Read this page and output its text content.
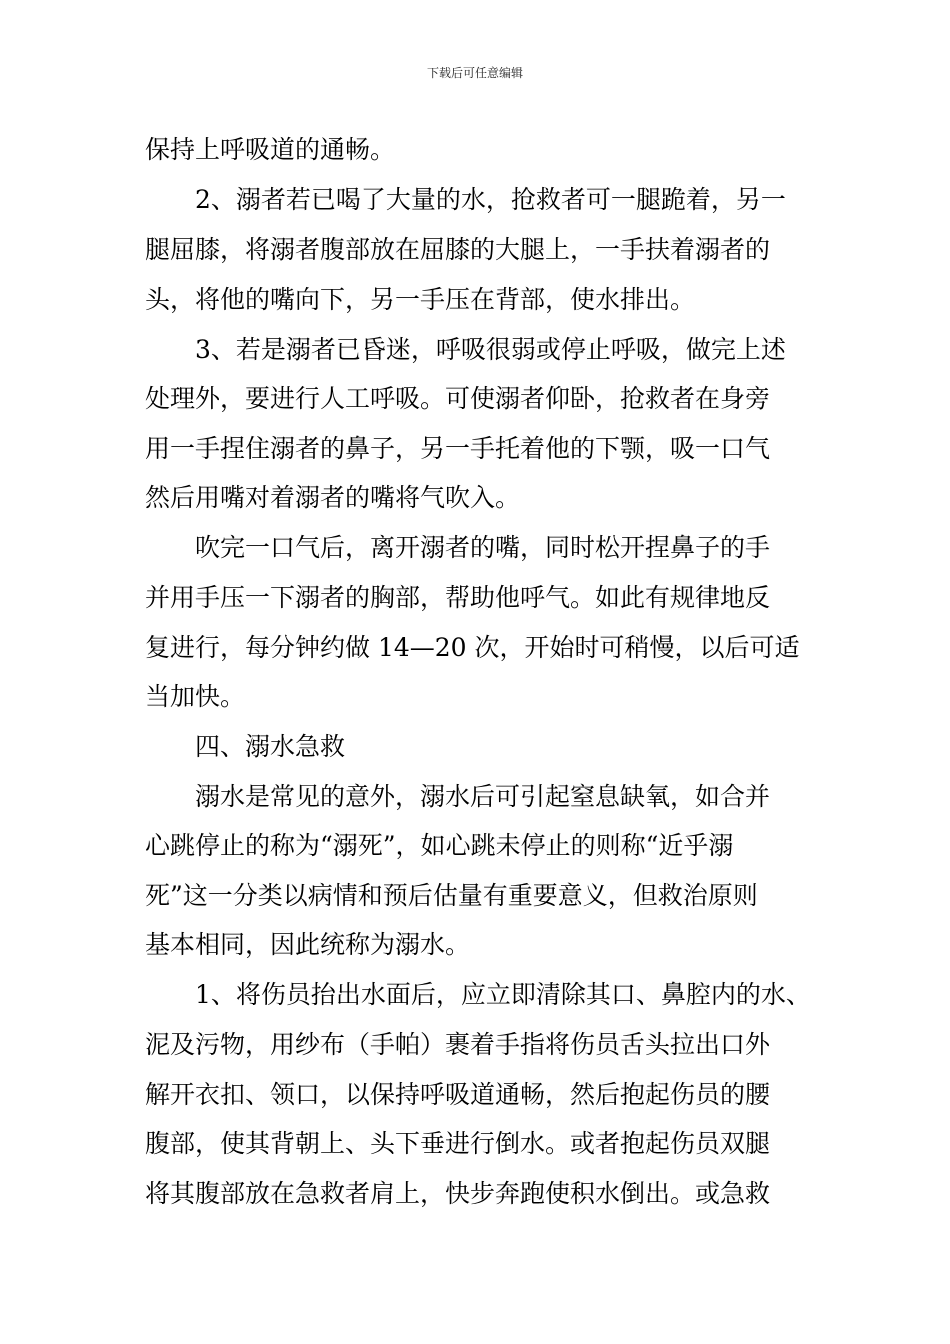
下载后可任意编辑
保持上呼吸道的通畅。
2、溺者若已喝了大量的水，抢救者可一腿跪着，另一
腿屈膝，将溺者腹部放在屈膝的大腿上，一手扶着溺者的
头，将他的嘴向下，另一手压在背部，使水排出。
3、若是溺者已昏迷，呼吸很弱或停止呼吸，做完上述
处理外，要进行人工呼吸。可使溺者仰卧，抢救者在身旁
用一手捏住溺者的鼻子，另一手托着他的下颚，吸一口气
然后用嘴对着溺者的嘴将气吹入。
吹完一口气后，离开溺者的嘴，同时松开捏鼻子的手
并用手压一下溺者的胸部，帮助他呼气。如此有规律地反
复进行，每分钟约做 14—20 次，开始时可稍慢，以后可适
当加快。
四、溺水急救
溺水是常见的意外，溺水后可引起窒息缺氧，如合并
心跳停止的称为“溺死”，如心跳未停止的则称“近乎溺
死”这一分类以病情和预后估量有重要意义，但救治原则
基本相同，因此统称为溺水。
1、将伤员抬出水面后，应立即清除其口、鼻腔内的水、
泥及污物，用纱布（手帕）裹着手指将伤员舌头拉出口外
解开衣扣、领口，以保持呼吸道通畅，然后抱起伤员的腰
腹部，使其背朝上、头下垂进行倒水。或者抱起伤员双腿
将其腹部放在急救者肩上，快步奔跑使积水倒出。或急救
